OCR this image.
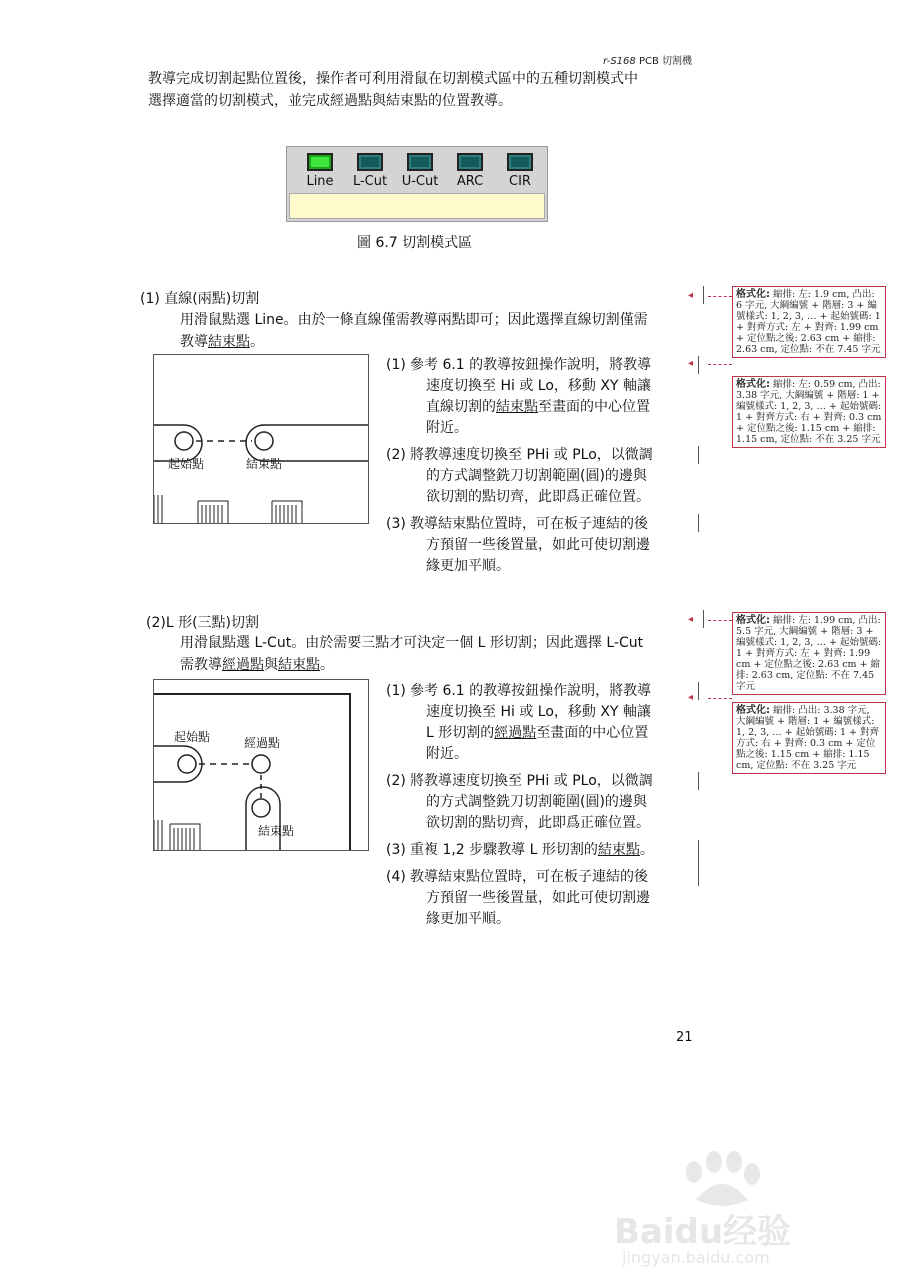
r-S168 PCB 切割機
教導完成切割起點位置後，操作者可利用滑鼠在切割模式區中的五種切割模式中
選擇適當的切割模式，並完成經過點與結束點的位置教導。
Line	L-Cut	U-Cut	ARC	CIR
圖 6.7 切割模式區
(1) 直線(兩點)切割
用滑鼠點選 Line。由於一條直線僅需教導兩點即可；因此選擇直線切割僅需
教導結束點。
起始點	結束點
(1) 參考 6.1 的教導按鈕操作說明，將教導
速度切換至 Hi 或 Lo，移動 XY 軸讓
直線切割的結束點至畫面的中心位置
附近。
(2) 將教導速度切換至 PHi 或 PLo，以微調
的方式調整銑刀切割範圍(圓)的邊與
欲切割的點切齊，此即爲正確位置。
(3) 教導結束點位置時，可在板子連結的後
方預留一些後置量，如此可使切割邊
緣更加平順。
(2)L 形(三點)切割
用滑鼠點選 L-Cut。由於需要三點才可決定一個 L 形切割；因此選擇 L-Cut
需教導經過點與結束點。
起始點	經過點
結束點
(1) 參考 6.1 的教導按鈕操作說明，將教導
速度切換至 Hi 或 Lo，移動 XY 軸讓
L 形切割的經過點至畫面的中心位置
附近。
(2) 將教導速度切換至 PHi 或 PLo，以微調
的方式調整銑刀切割範圍(圓)的邊與
欲切割的點切齊，此即爲正確位置。
(3) 重複 1,2 步驟教導 L 形切割的結束點。
(4) 教導結束點位置時，可在板子連結的後
方預留一些後置量，如此可使切割邊
緣更加平順。
◂
◂
◂
◂
格式化: 縮排: 左: 1.9 cm, 凸出: 6 字元, 大綱編號 + 階層: 3 + 編號樣式: 1, 2, 3, … + 起始號碼: 1 + 對齊方式: 左 + 對齊: 1.99 cm + 定位點之後: 2.63 cm + 縮排: 2.63 cm, 定位點: 不在 7.45 字元
格式化: 縮排: 左: 0.59 cm, 凸出: 3.38 字元, 大綱編號 + 階層: 1 + 編號樣式: 1, 2, 3, … + 起始號碼: 1 + 對齊方式: 右 + 對齊: 0.3 cm + 定位點之後: 1.15 cm + 縮排: 1.15 cm, 定位點: 不在 3.25 字元
格式化: 縮排: 左: 1.99 cm, 凸出: 5.5 字元, 大綱編號 + 階層: 3 + 編號樣式: 1, 2, 3, … + 起始號碼: 1 + 對齊方式: 左 + 對齊: 1.99 cm + 定位點之後: 2.63 cm + 縮排: 2.63 cm, 定位點: 不在 7.45 字元
格式化: 縮排: 凸出: 3.38 字元, 大綱編號 + 階層: 1 + 編號樣式: 1, 2, 3, … + 起始號碼: 1 + 對齊方式: 右 + 對齊: 0.3 cm + 定位點之後: 1.15 cm + 縮排: 1.15 cm, 定位點: 不在 3.25 字元
21
Baidu经验
jingyan.baidu.com
